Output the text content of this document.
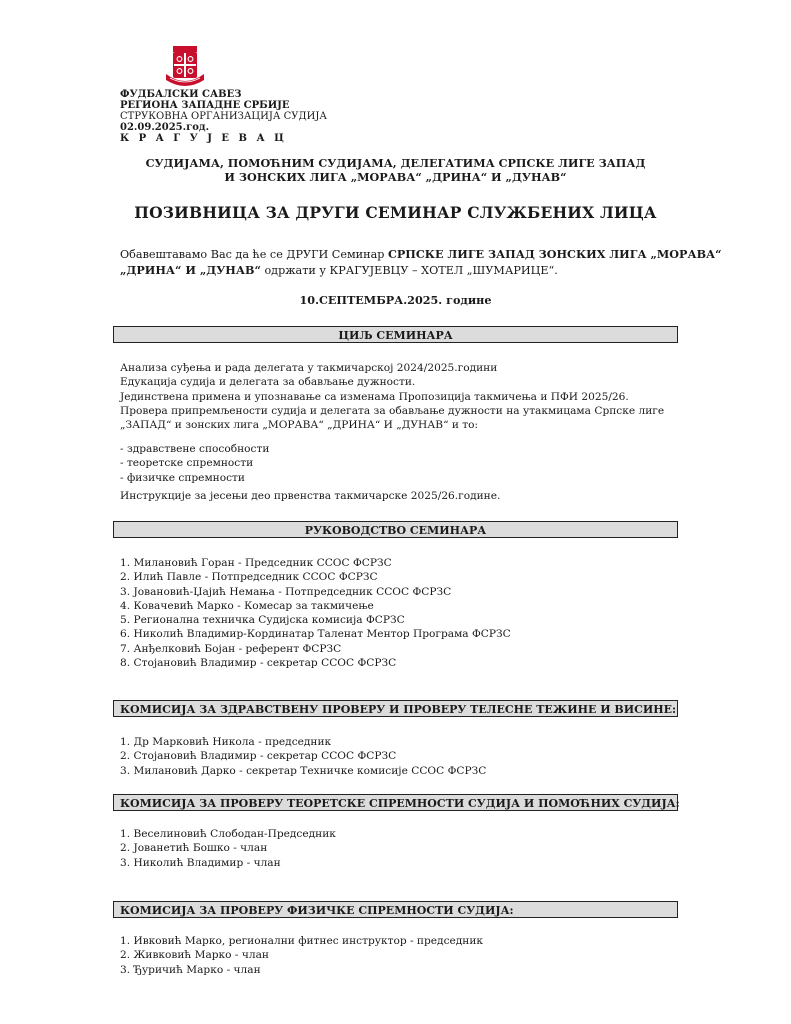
ФУДБАЛСКИ САВЕЗ
РЕГИОНА ЗАПАДНЕ СРБИЈЕ
СТРУКОВНА ОРГАНИЗАЦИЈА СУДИЈА
02.09.2025.год.
К Р А Г У Ј Е В А Ц
СУДИЈАМА, ПОМОЋНИМ СУДИЈАМА, ДЕЛЕГАТИМА СРПСКЕ ЛИГЕ ЗАПАД
И ЗОНСКИХ ЛИГА „МОРАВА“ „ДРИНА“ И „ДУНАВ“
ПОЗИВНИЦА ЗА ДРУГИ СЕМИНАР СЛУЖБЕНИХ ЛИЦА
Обавештавамо Вас да ће се ДРУГИ Семинар СРПСКЕ ЛИГЕ ЗАПАД ЗОНСКИХ ЛИГА „МОРАВА“
„ДРИНА“ И „ДУНАВ“ одржати у КРАГУЈЕВЦУ – ХОТЕЛ „ШУМАРИЦЕ“.
10.СЕПТЕМБРА.2025. године
ЦИЉ СЕМИНАРА
Анализа суђења и рада делегата у такмичарској 2024/2025.години
Едукација судија и делегата за обављање дужности.
Јединствена примена и упознавање са изменама Пропозиција такмичења и ПФИ 2025/26.
Провера припремљености судија и делегата за обављање дужности на утакмицама Српске лиге
„ЗАПАД“ и зонских лига „МОРАВА“ „ДРИНА“ И „ДУНАВ“ и то:
- здравствене способности
- теоретске спремности
- физичке спремности
Инструкције за јесењи део првенства такмичарске 2025/26.године.
РУКОВОДСТВО СЕМИНАРА
1. Милановић Горан - Председник ССОС ФСРЗС
2. Илић Павле - Потпредседник ССОС ФСРЗС
3. Јовановић-Џајић Немања - Потпредседник ССОС ФСРЗС
4. Ковачевић Марко - Комесар за такмичење
5. Регионална техничка Судијска комисија ФСРЗС
6. Николић Владимир-Кординатар Таленат Ментор Програма ФСРЗС
7. Анђелковић Бојан - референт ФСРЗС
8. Стојановић Владимир - секретар ССОС ФСРЗС
КОМИСИЈА ЗА ЗДРАВСТВЕНУ ПРОВЕРУ И ПРОВЕРУ ТЕЛЕСНЕ ТЕЖИНЕ И ВИСИНЕ:
1. Др Марковић Никола - председник
2. Стојановић Владимир - секретар ССОС ФСРЗС
3. Милановић Дарко - секретар Техничке комисије ССОС ФСРЗС
КОМИСИЈА ЗА ПРОВЕРУ ТЕОРЕТСКЕ СПРЕМНОСТИ СУДИЈА И ПОМОЋНИХ СУДИЈА:
1. Веселиновић Слободан-Председник
2. Јованетић Бошко - члан
3. Николић Владимир - члан
КОМИСИЈА ЗА ПРОВЕРУ ФИЗИЧКЕ СПРЕМНОСТИ СУДИЈА:
1. Ивковић Марко, регионални фитнес инструктор - председник
2. Живковић Марко - члан
3. Ђуричић Марко - члан
